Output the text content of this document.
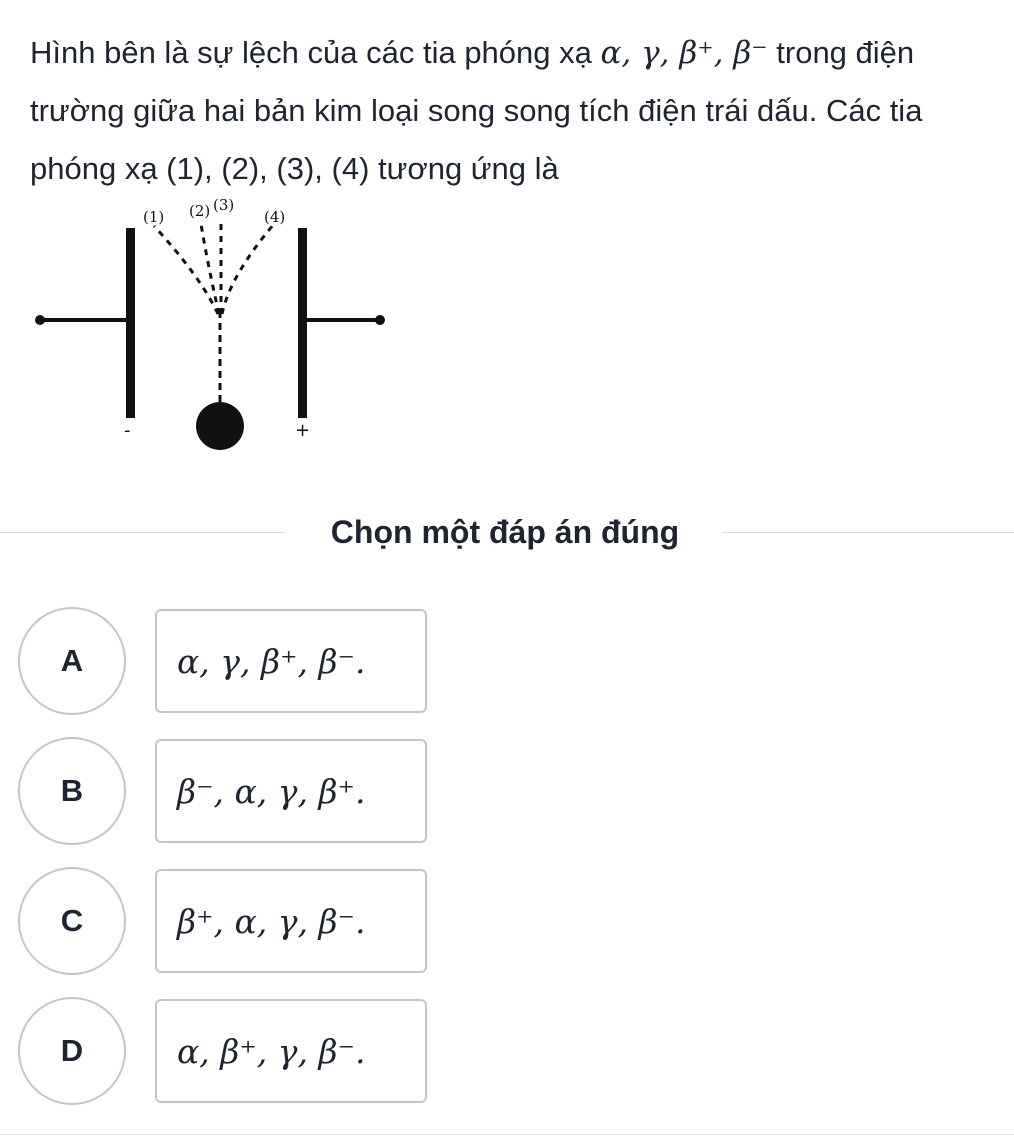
Hình bên là sự lệch của các tia phóng xạ α, γ, β⁺, β⁻ trong điện trường giữa hai bản kim loại song song tích điện trái dấu. Các tia phóng xạ (1), (2), (3), (4) tương ứng là
(1) (2) (3)
(4)
-	+
Chọn một đáp án đúng
A	α, γ, β⁺, β⁻.
B	β⁻, α, γ, β⁺.
C	β⁺, α, γ, β⁻.
D	α, β⁺, γ, β⁻.
